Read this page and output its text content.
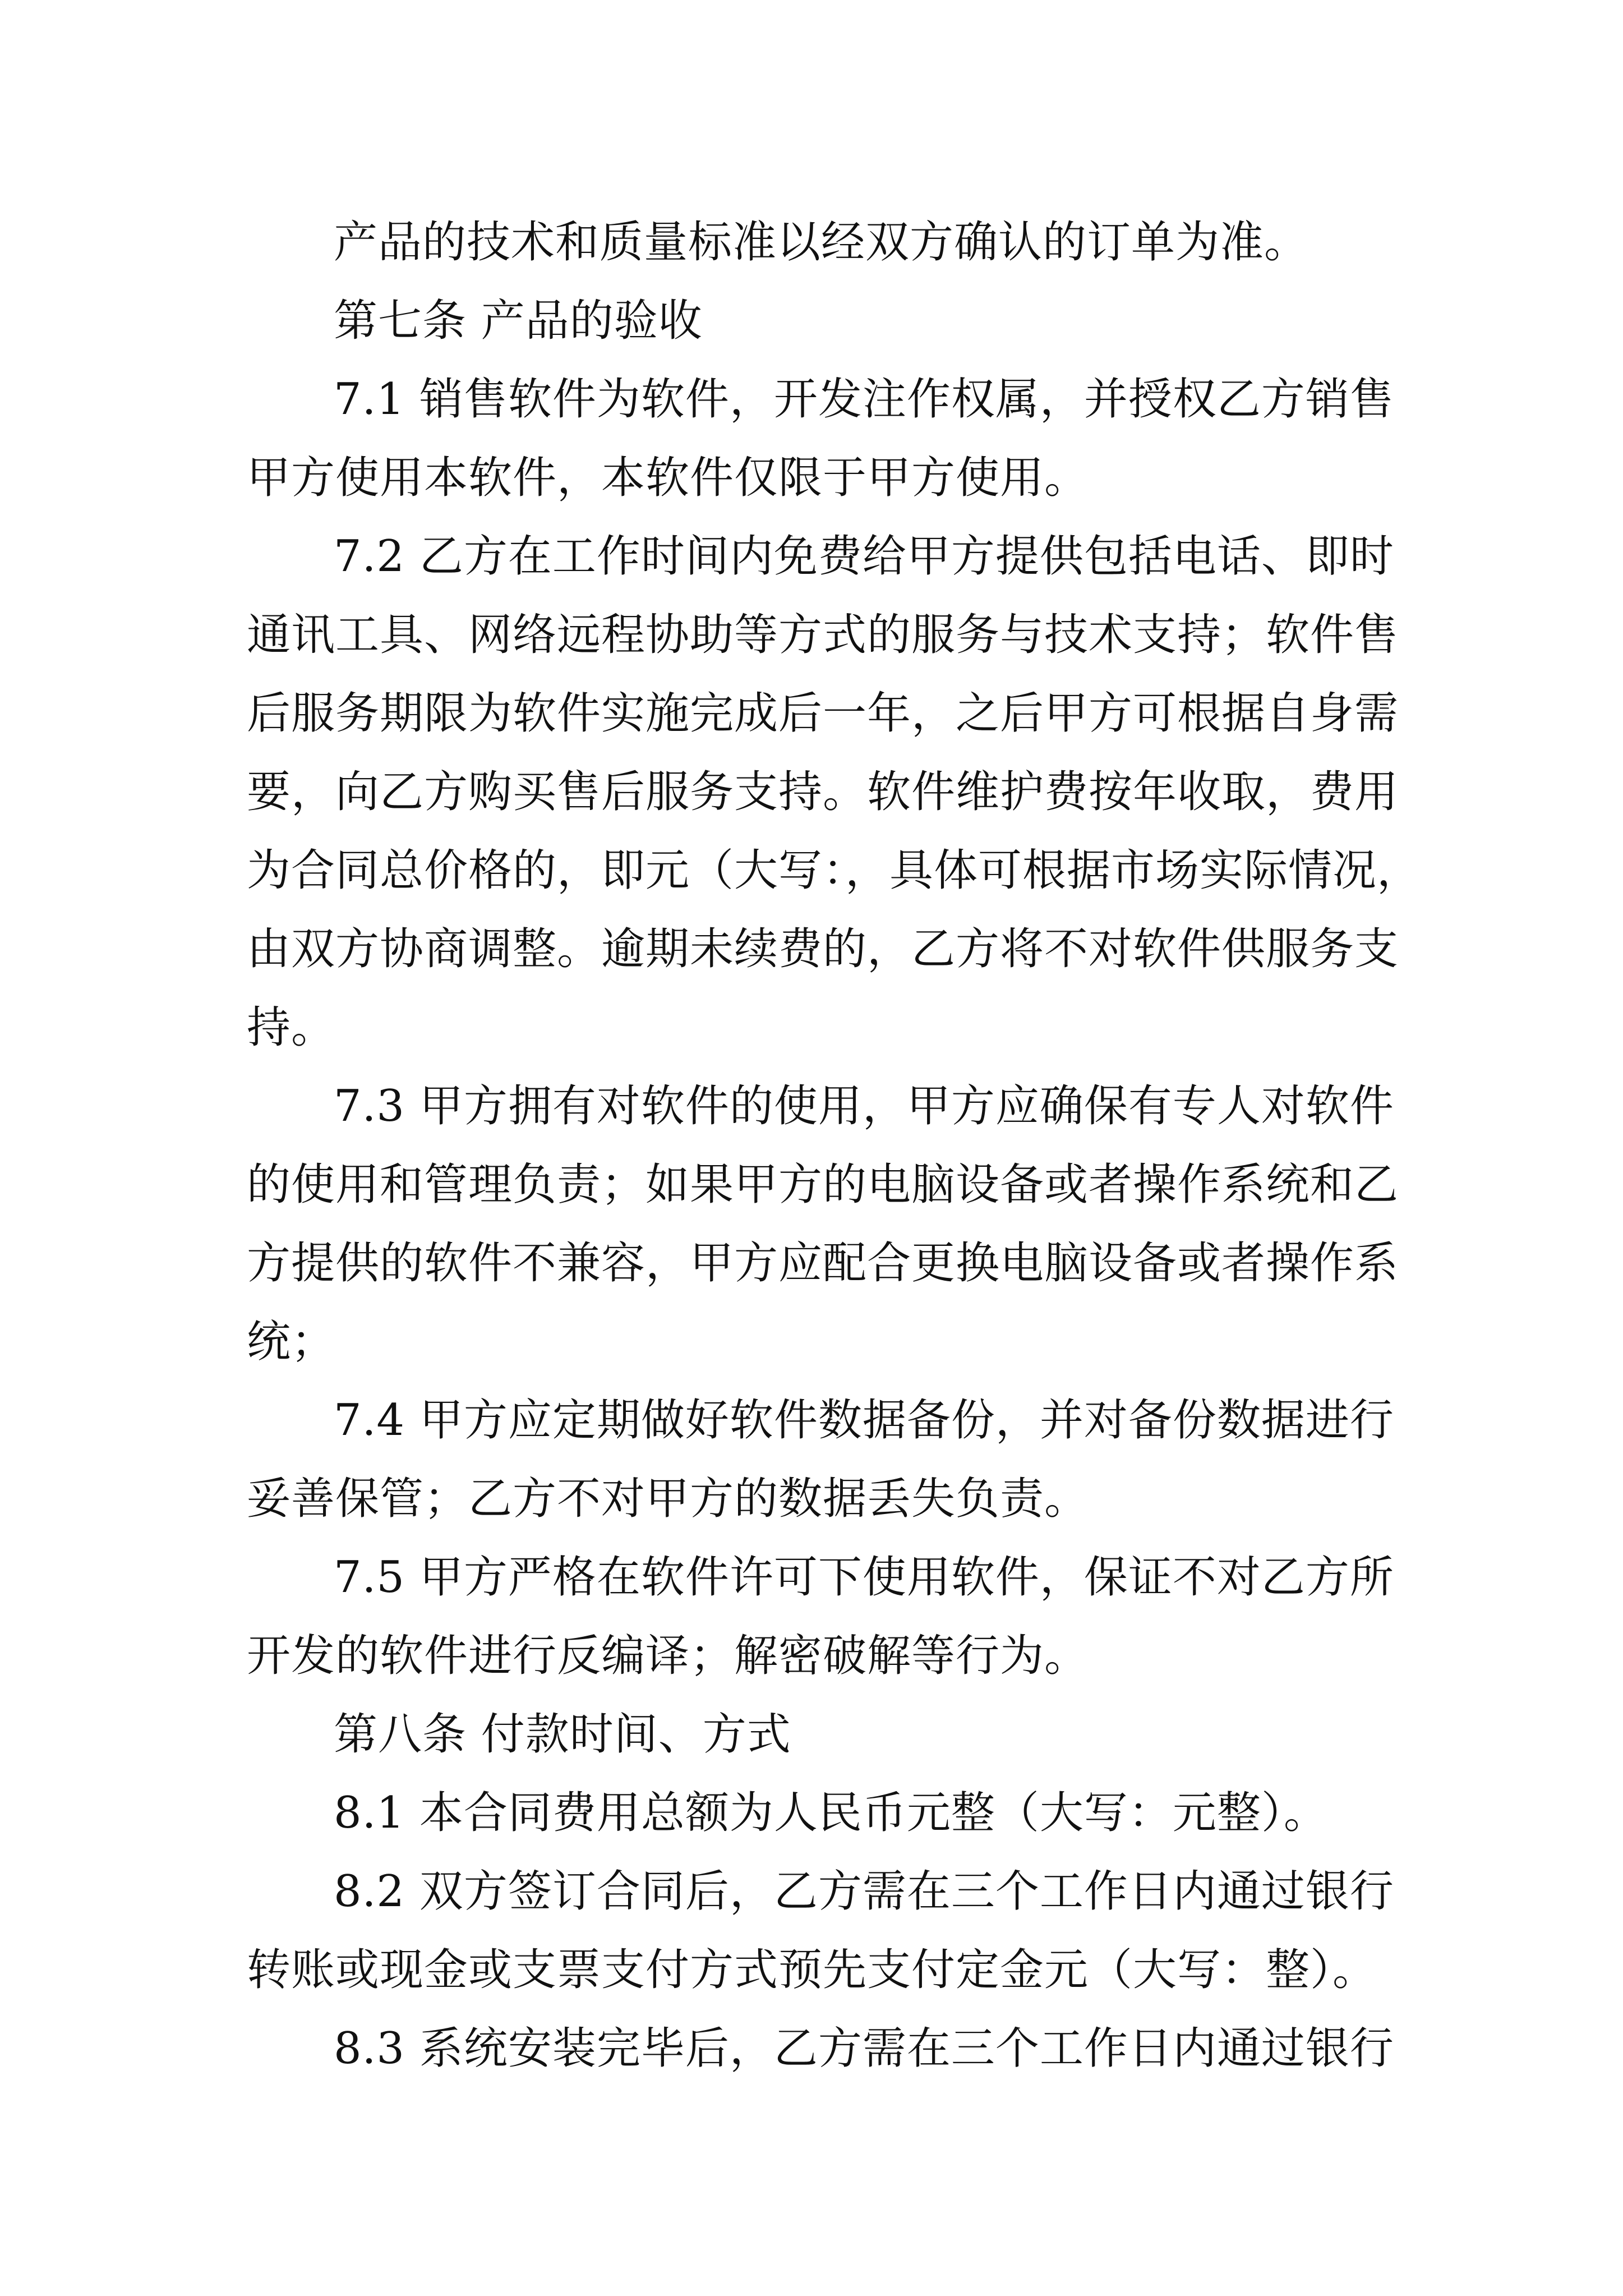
产品的技术和质量标准以经双方确认的订单为准。
第七条 产品的验收
7.1 销售软件为软件，开发注作权属，并授权乙方销售
甲方使用本软件，本软件仅限于甲方使用。
7.2 乙方在工作时间内免费给甲方提供包括电话、即时
通讯工具、网络远程协助等方式的服务与技术支持；软件售
后服务期限为软件实施完成后一年，之后甲方可根据自身需
要，向乙方购买售后服务支持。软件维护费按年收取，费用
为合同总价格的，即元（大写：，具体可根据市场实际情况，
由双方协商调整。逾期未续费的，乙方将不对软件供服务支
持。
7.3 甲方拥有对软件的使用，甲方应确保有专人对软件
的使用和管理负责；如果甲方的电脑设备或者操作系统和乙
方提供的软件不兼容，甲方应配合更换电脑设备或者操作系
统；
7.4 甲方应定期做好软件数据备份，并对备份数据进行
妥善保管；乙方不对甲方的数据丢失负责。
7.5 甲方严格在软件许可下使用软件，保证不对乙方所
开发的软件进行反编译；解密破解等行为。
第八条 付款时间、方式
8.1 本合同费用总额为人民币元整（大写：元整）。
8.2 双方签订合同后，乙方需在三个工作日内通过银行
转账或现金或支票支付方式预先支付定金元（大写：整）。
8.3 系统安装完毕后，乙方需在三个工作日内通过银行
